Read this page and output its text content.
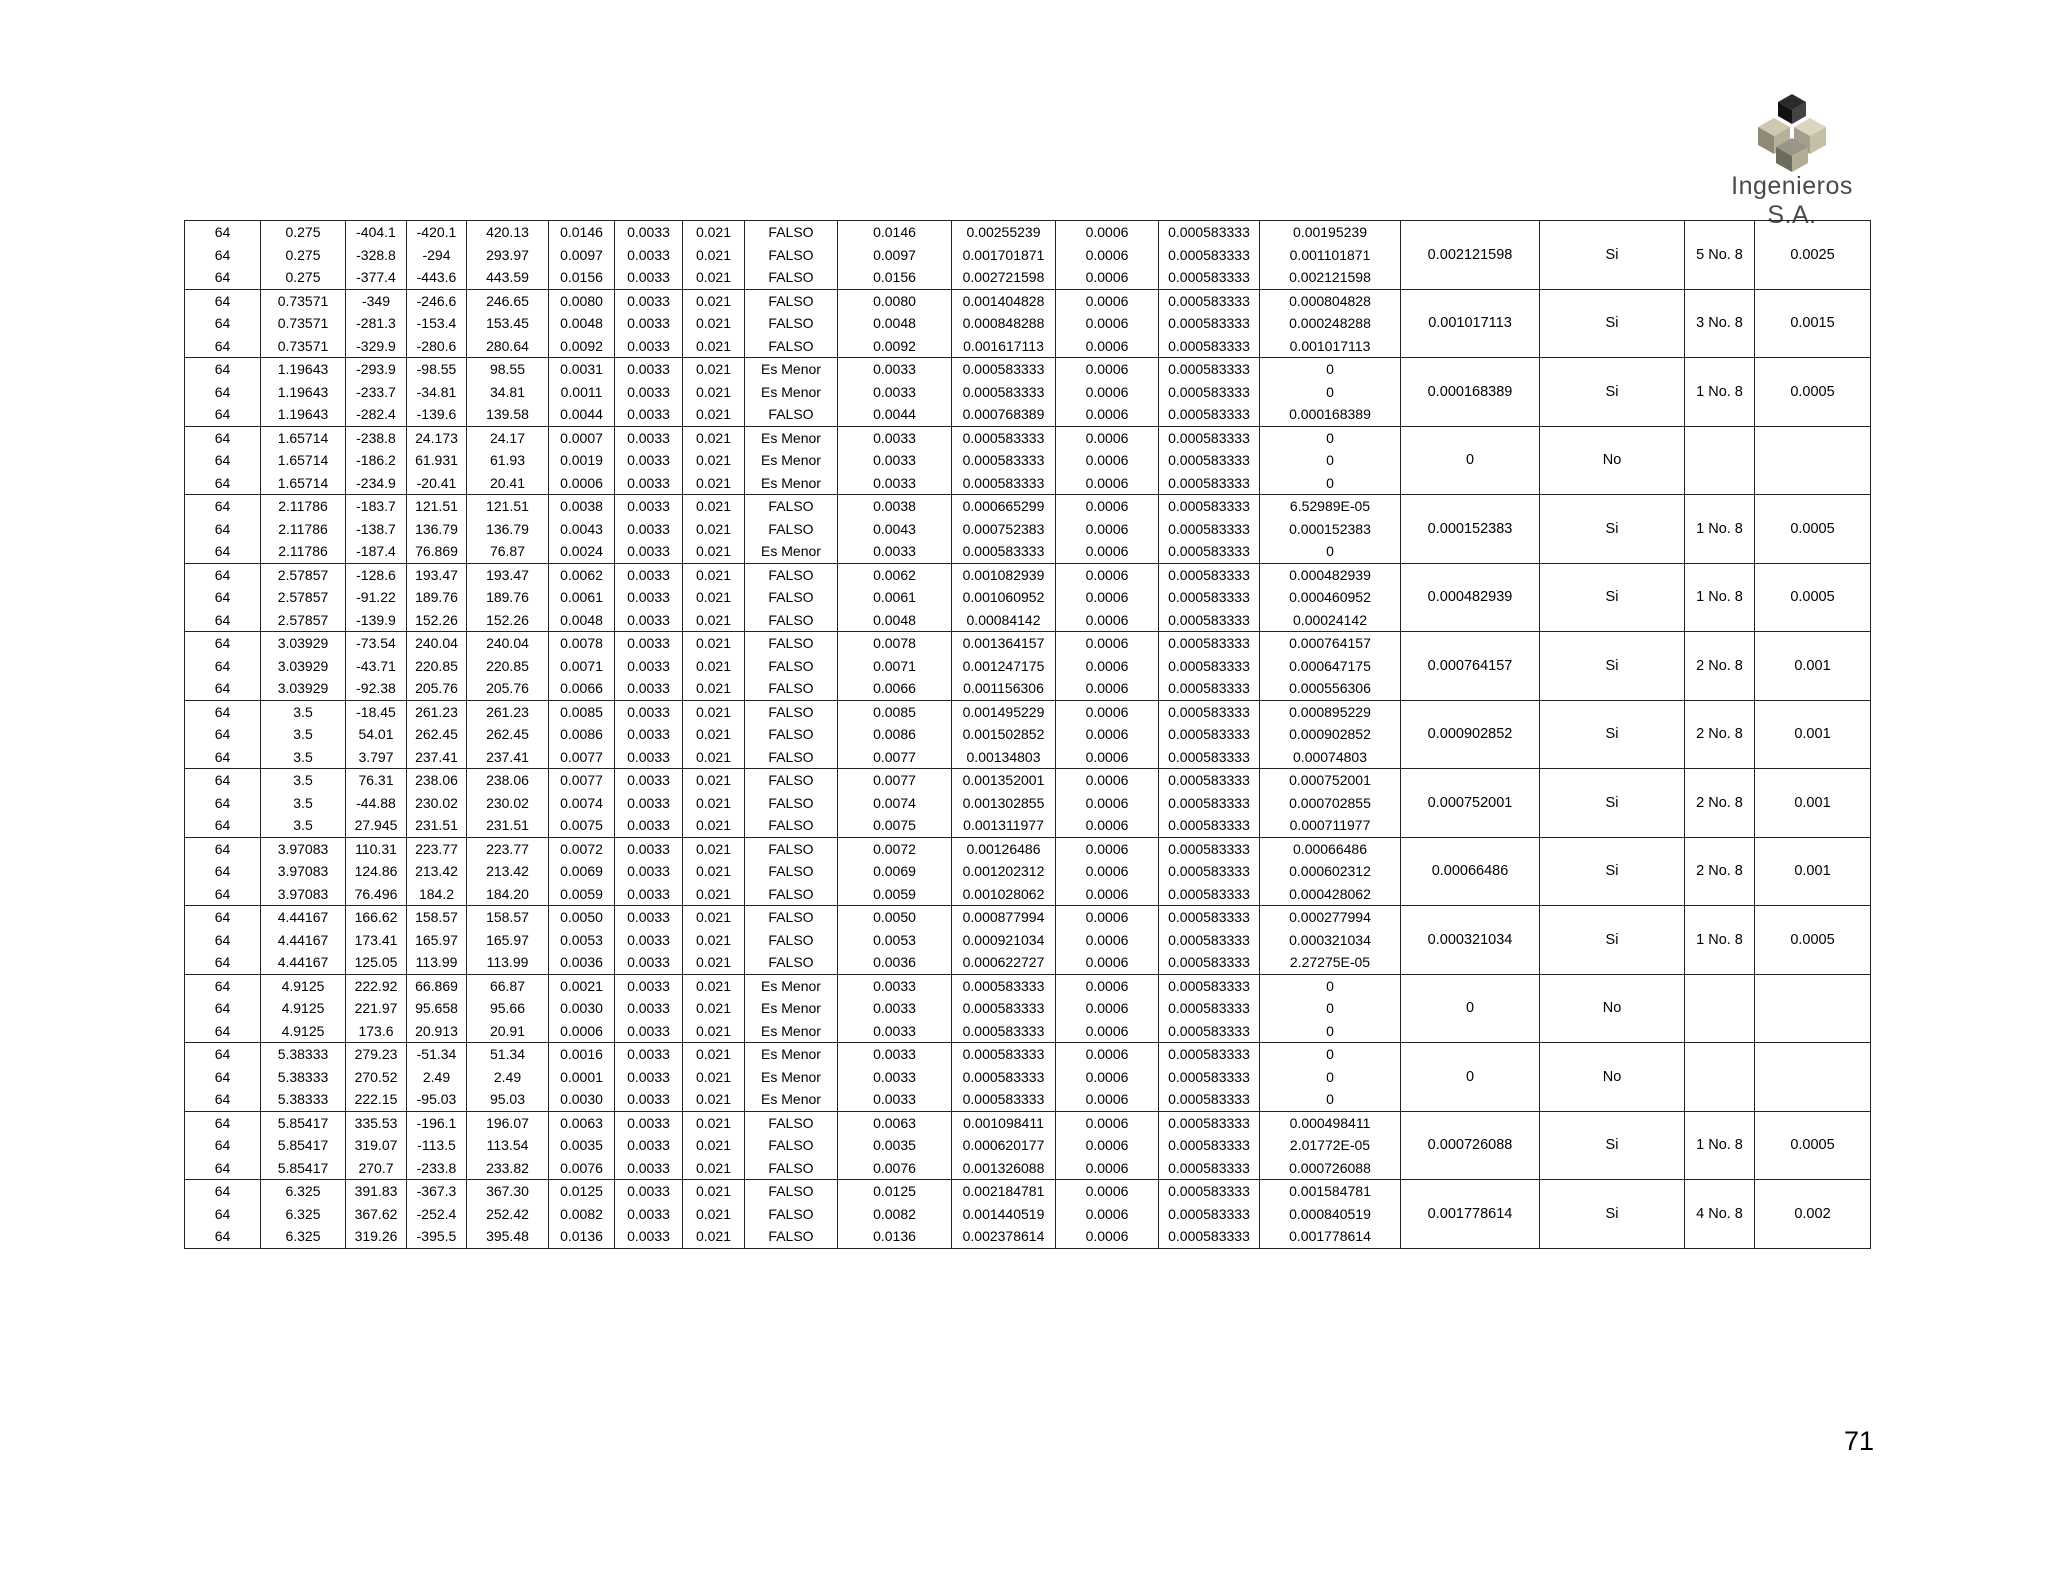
Ingenieros S.A.
64	0.275	-404.1	-420.1	420.13	0.0146	0.0033	0.021	FALSO	0.0146	0.00255239	0.0006	0.000583333	0.00195239	0.002121598	Si	5 No. 8	0.0025
64	0.275	-328.8	-294	293.97	0.0097	0.0033	0.021	FALSO	0.0097	0.001701871	0.0006	0.000583333	0.001101871				
64	0.275	-377.4	-443.6	443.59	0.0156	0.0033	0.021	FALSO	0.0156	0.002721598	0.0006	0.000583333	0.002121598				
64	0.73571	-349	-246.6	246.65	0.0080	0.0033	0.021	FALSO	0.0080	0.001404828	0.0006	0.000583333	0.000804828	0.001017113	Si	3 No. 8	0.0015
64	0.73571	-281.3	-153.4	153.45	0.0048	0.0033	0.021	FALSO	0.0048	0.000848288	0.0006	0.000583333	0.000248288				
64	0.73571	-329.9	-280.6	280.64	0.0092	0.0033	0.021	FALSO	0.0092	0.001617113	0.0006	0.000583333	0.001017113				
64	1.19643	-293.9	-98.55	98.55	0.0031	0.0033	0.021	Es Menor	0.0033	0.000583333	0.0006	0.000583333	0	0.000168389	Si	1 No. 8	0.0005
64	1.19643	-233.7	-34.81	34.81	0.0011	0.0033	0.021	Es Menor	0.0033	0.000583333	0.0006	0.000583333	0				
64	1.19643	-282.4	-139.6	139.58	0.0044	0.0033	0.021	FALSO	0.0044	0.000768389	0.0006	0.000583333	0.000168389				
64	1.65714	-238.8	24.173	24.17	0.0007	0.0033	0.021	Es Menor	0.0033	0.000583333	0.0006	0.000583333	0	0	No		
64	1.65714	-186.2	61.931	61.93	0.0019	0.0033	0.021	Es Menor	0.0033	0.000583333	0.0006	0.000583333	0				
64	1.65714	-234.9	-20.41	20.41	0.0006	0.0033	0.021	Es Menor	0.0033	0.000583333	0.0006	0.000583333	0				
64	2.11786	-183.7	121.51	121.51	0.0038	0.0033	0.021	FALSO	0.0038	0.000665299	0.0006	0.000583333	6.52989E-05	0.000152383	Si	1 No. 8	0.0005
64	2.11786	-138.7	136.79	136.79	0.0043	0.0033	0.021	FALSO	0.0043	0.000752383	0.0006	0.000583333	0.000152383				
64	2.11786	-187.4	76.869	76.87	0.0024	0.0033	0.021	Es Menor	0.0033	0.000583333	0.0006	0.000583333	0				
64	2.57857	-128.6	193.47	193.47	0.0062	0.0033	0.021	FALSO	0.0062	0.001082939	0.0006	0.000583333	0.000482939	0.000482939	Si	1 No. 8	0.0005
64	2.57857	-91.22	189.76	189.76	0.0061	0.0033	0.021	FALSO	0.0061	0.001060952	0.0006	0.000583333	0.000460952				
64	2.57857	-139.9	152.26	152.26	0.0048	0.0033	0.021	FALSO	0.0048	0.00084142	0.0006	0.000583333	0.00024142				
64	3.03929	-73.54	240.04	240.04	0.0078	0.0033	0.021	FALSO	0.0078	0.001364157	0.0006	0.000583333	0.000764157	0.000764157	Si	2 No. 8	0.001
64	3.03929	-43.71	220.85	220.85	0.0071	0.0033	0.021	FALSO	0.0071	0.001247175	0.0006	0.000583333	0.000647175				
64	3.03929	-92.38	205.76	205.76	0.0066	0.0033	0.021	FALSO	0.0066	0.001156306	0.0006	0.000583333	0.000556306				
64	3.5	-18.45	261.23	261.23	0.0085	0.0033	0.021	FALSO	0.0085	0.001495229	0.0006	0.000583333	0.000895229	0.000902852	Si	2 No. 8	0.001
64	3.5	54.01	262.45	262.45	0.0086	0.0033	0.021	FALSO	0.0086	0.001502852	0.0006	0.000583333	0.000902852				
64	3.5	3.797	237.41	237.41	0.0077	0.0033	0.021	FALSO	0.0077	0.00134803	0.0006	0.000583333	0.00074803				
64	3.5	76.31	238.06	238.06	0.0077	0.0033	0.021	FALSO	0.0077	0.001352001	0.0006	0.000583333	0.000752001	0.000752001	Si	2 No. 8	0.001
64	3.5	-44.88	230.02	230.02	0.0074	0.0033	0.021	FALSO	0.0074	0.001302855	0.0006	0.000583333	0.000702855				
64	3.5	27.945	231.51	231.51	0.0075	0.0033	0.021	FALSO	0.0075	0.001311977	0.0006	0.000583333	0.000711977				
64	3.97083	110.31	223.77	223.77	0.0072	0.0033	0.021	FALSO	0.0072	0.00126486	0.0006	0.000583333	0.00066486	0.00066486	Si	2 No. 8	0.001
64	3.97083	124.86	213.42	213.42	0.0069	0.0033	0.021	FALSO	0.0069	0.001202312	0.0006	0.000583333	0.000602312				
64	3.97083	76.496	184.2	184.20	0.0059	0.0033	0.021	FALSO	0.0059	0.001028062	0.0006	0.000583333	0.000428062				
64	4.44167	166.62	158.57	158.57	0.0050	0.0033	0.021	FALSO	0.0050	0.000877994	0.0006	0.000583333	0.000277994	0.000321034	Si	1 No. 8	0.0005
64	4.44167	173.41	165.97	165.97	0.0053	0.0033	0.021	FALSO	0.0053	0.000921034	0.0006	0.000583333	0.000321034				
64	4.44167	125.05	113.99	113.99	0.0036	0.0033	0.021	FALSO	0.0036	0.000622727	0.0006	0.000583333	2.27275E-05				
64	4.9125	222.92	66.869	66.87	0.0021	0.0033	0.021	Es Menor	0.0033	0.000583333	0.0006	0.000583333	0	0	No		
64	4.9125	221.97	95.658	95.66	0.0030	0.0033	0.021	Es Menor	0.0033	0.000583333	0.0006	0.000583333	0				
64	4.9125	173.6	20.913	20.91	0.0006	0.0033	0.021	Es Menor	0.0033	0.000583333	0.0006	0.000583333	0				
64	5.38333	279.23	-51.34	51.34	0.0016	0.0033	0.021	Es Menor	0.0033	0.000583333	0.0006	0.000583333	0	0	No		
64	5.38333	270.52	2.49	2.49	0.0001	0.0033	0.021	Es Menor	0.0033	0.000583333	0.0006	0.000583333	0				
64	5.38333	222.15	-95.03	95.03	0.0030	0.0033	0.021	Es Menor	0.0033	0.000583333	0.0006	0.000583333	0				
64	5.85417	335.53	-196.1	196.07	0.0063	0.0033	0.021	FALSO	0.0063	0.001098411	0.0006	0.000583333	0.000498411	0.000726088	Si	1 No. 8	0.0005
64	5.85417	319.07	-113.5	113.54	0.0035	0.0033	0.021	FALSO	0.0035	0.000620177	0.0006	0.000583333	2.01772E-05				
64	5.85417	270.7	-233.8	233.82	0.0076	0.0033	0.021	FALSO	0.0076	0.001326088	0.0006	0.000583333	0.000726088				
64	6.325	391.83	-367.3	367.30	0.0125	0.0033	0.021	FALSO	0.0125	0.002184781	0.0006	0.000583333	0.001584781	0.001778614	Si	4 No. 8	0.002
64	6.325	367.62	-252.4	252.42	0.0082	0.0033	0.021	FALSO	0.0082	0.001440519	0.0006	0.000583333	0.000840519				
64	6.325	319.26	-395.5	395.48	0.0136	0.0033	0.021	FALSO	0.0136	0.002378614	0.0006	0.000583333	0.001778614				
71
